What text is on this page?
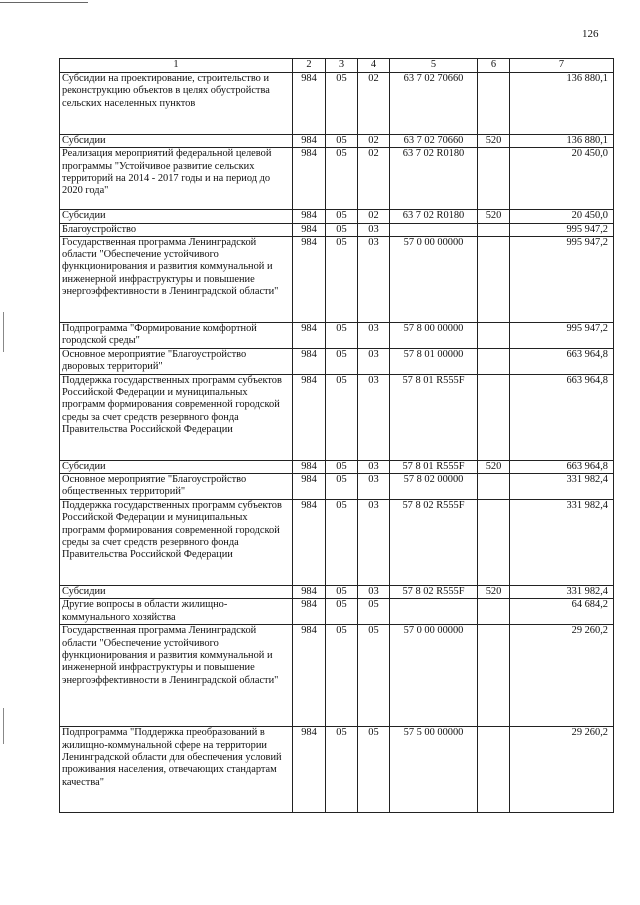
126
1	2	3	4	5	6	7
Субсидии на проектирование, строительство и реконструкцию объектов в целях обустройства сельских населенных пунктов	984	05	02	63 7 02 70660		136 880,1
Субсидии	984	05	02	63 7 02 70660	520	136 880,1
Реализация мероприятий федеральной целевой программы "Устойчивое развитие сельских территорий на 2014 - 2017 годы и на период до 2020 года"	984	05	02	63 7 02 R0180		20 450,0
Субсидии	984	05	02	63 7 02 R0180	520	20 450,0
Благоустройство	984	05	03			995 947,2
Государственная программа Ленинградской области "Обеспечение устойчивого функционирования и развития коммунальной и инженерной инфраструктуры и повышение энергоэффективности в Ленинградской области"	984	05	03	57 0 00 00000		995 947,2
Подпрограмма "Формирование комфортной городской среды"	984	05	03	57 8 00 00000		995 947,2
Основное мероприятие "Благоустройство дворовых территорий"	984	05	03	57 8 01 00000		663 964,8
Поддержка государственных программ субъектов Российской Федерации и муниципальных программ формирования современной городской среды за счет средств резервного фонда Правительства Российской Федерации	984	05	03	57 8 01 R555F		663 964,8
Субсидии	984	05	03	57 8 01 R555F	520	663 964,8
Основное мероприятие "Благоустройство общественных территорий"	984	05	03	57 8 02 00000		331 982,4
Поддержка государственных программ субъектов Российской Федерации и муниципальных программ формирования современной городской среды за счет средств резервного фонда Правительства Российской Федерации	984	05	03	57 8 02 R555F		331 982,4
Субсидии	984	05	03	57 8 02 R555F	520	331 982,4
Другие вопросы в области жилищно-коммунального хозяйства	984	05	05			64 684,2
Государственная программа Ленинградской области "Обеспечение устойчивого функционирования и развития коммунальной и инженерной инфраструктуры и повышение энергоэффективности в Ленинградской области"	984	05	05	57 0 00 00000		29 260,2
Подпрограмма "Поддержка преобразований в жилищно-коммунальной сфере на территории Ленинградской области для обеспечения условий проживания населения, отвечающих стандартам качества"	984	05	05	57 5 00 00000		29 260,2
